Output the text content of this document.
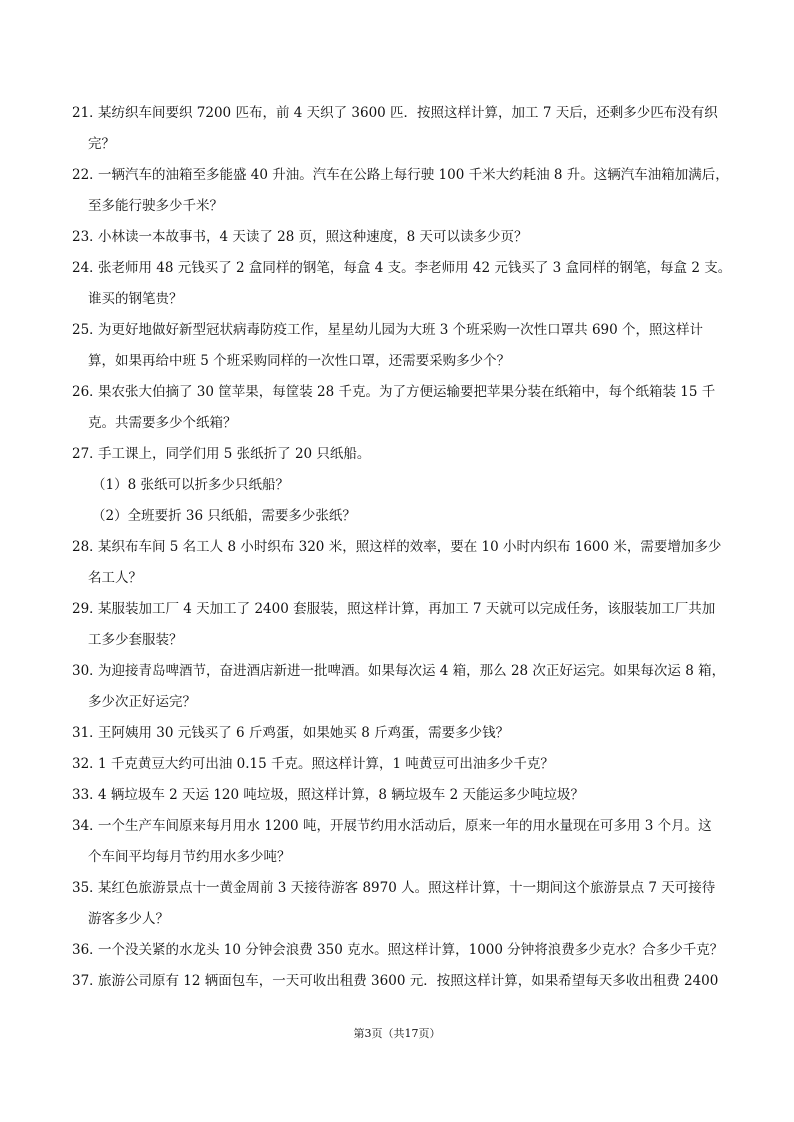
21．
某纺织车间要织 7200 匹布，前 4 天织了 3600 匹．按照这样计算，加工 7 天后，还剩多少匹布没有织
完？
22．
一辆汽车的油箱至多能盛 40 升油。汽车在公路上每行驶 100 千米大约耗油 8 升。这辆汽车油箱加满后，
至多能行驶多少千米？
23．
小林读一本故事书，4 天读了 28 页，照这种速度，8 天可以读多少页？
24．
张老师用 48 元钱买了 2 盒同样的钢笔，每盒 4 支。李老师用 42 元钱买了 3 盒同样的钢笔，每盒 2 支。
谁买的钢笔贵？
25．
为更好地做好新型冠状病毒防疫工作，星星幼儿园为大班 3 个班采购一次性口罩共 690 个，照这样计
算，如果再给中班 5 个班采购同样的一次性口罩，还需要采购多少个？
26．
果农张大伯摘了 30 筐苹果，每筐装 28 千克。为了方便运输要把苹果分装在纸箱中，每个纸箱装 15 千
克。共需要多少个纸箱？
27．
手工课上，同学们用 5 张纸折了 20 只纸船。
（1）8 张纸可以折多少只纸船？
（2）全班要折 36 只纸船，需要多少张纸？
28．
某织布车间 5 名工人 8 小时织布 320 米，照这样的效率，要在 10 小时内织布 1600 米，需要增加多少
名工人？
29．
某服装加工厂 4 天加工了 2400 套服装，照这样计算，再加工 7 天就可以完成任务，该服装加工厂共加
工多少套服装？
30．
为迎接青岛啤酒节，奋进酒店新进一批啤酒。如果每次运 4 箱，那么 28 次正好运完。如果每次运 8 箱，
多少次正好运完？
31．
王阿姨用 30 元钱买了 6 斤鸡蛋，如果她买 8 斤鸡蛋，需要多少钱？
32．
1 千克黄豆大约可出油 0.15 千克。照这样计算，1 吨黄豆可出油多少千克？
33．
4 辆垃圾车 2 天运 120 吨垃圾，照这样计算，8 辆垃圾车 2 天能运多少吨垃圾？
34．
一个生产车间原来每月用水 1200 吨，开展节约用水活动后，原来一年的用水量现在可多用 3 个月。这
个车间平均每月节约用水多少吨？
35．
某红色旅游景点十一黄金周前 3 天接待游客 8970 人。照这样计算，十一期间这个旅游景点 7 天可接待
游客多少人？
36．
一个没关紧的水龙头 10 分钟会浪费 350 克水。照这样计算，1000 分钟将浪费多少克水？合多少千克？
37．
旅游公司原有 12 辆面包车，一天可收出租费 3600 元．按照这样计算，如果希望每天多收出租费 2400
第3页（共17页）
